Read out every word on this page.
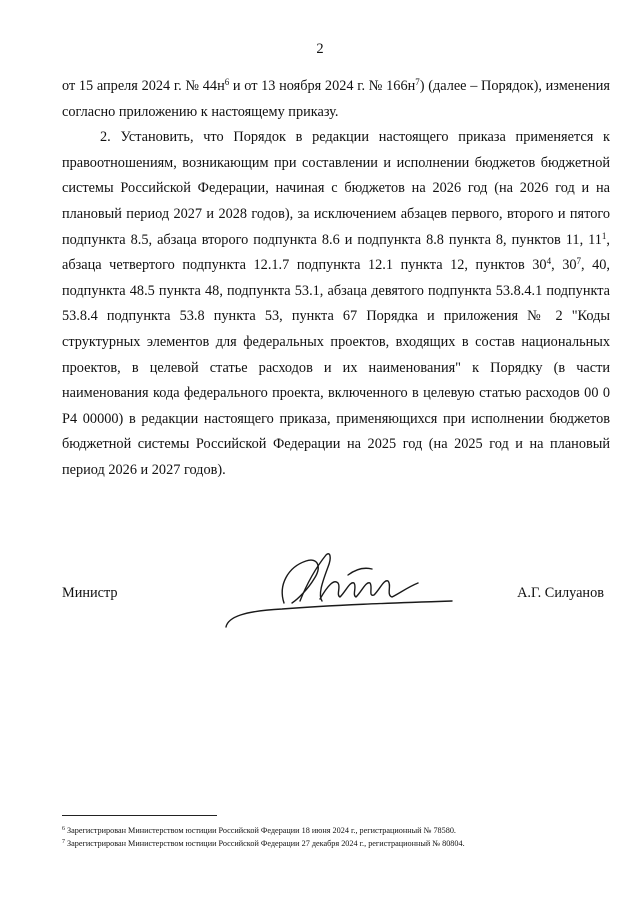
2

от 15 апреля 2024 г. № $44н^6$ и от 13 ноября 2024 г. № $166н^7$) (далее – Порядок), изменения согласно приложению к настоящему приказу.

2. Установить, что Порядок в редакции настоящего приказа применяется к правоотношениям, возникающим при составлении и исполнении бюджетов бюджетной системы Российской Федерации, начиная с бюджетов на 2026 год (на 2026 год и на плановый период 2027 и 2028 годов), за исключением абзацев первого, второго и пятого подпункта 8.5, абзаца второго подпункта 8.6 и подпункта 8.8 пункта 8, пунктов 11, $11^1$, абзаца четвертого подпункта 12.1.7 подпункта 12.1 пункта 12, пунктов $30^4$, $30^7$, 40, подпункта 48.5 пункта 48, подпункта 53.1, абзаца девятого подпункта 53.8.4.1 подпункта 53.8.4 подпункта 53.8 пункта 53, пункта 67 Порядка и приложения № 2 "Коды структурных элементов для федеральных проектов, входящих в состав национальных проектов, в целевой статье расходов и их наименования" к Порядку (в части наименования кода федерального проекта, включенного в целевую статью расходов 00 0 Р4 00000) в редакции настоящего приказа, применяющихся при исполнении бюджетов бюджетной системы Российской Федерации на 2025 год (на 2025 год и на плановый период 2026 и 2027 годов).

Министр	А.Г. Силуанов

$^6$ Зарегистрирован Министерством юстиции Российской Федерации 18 июня 2024 г., регистрационный № 78580.

$^7$ Зарегистрирован Министерством юстиции Российской Федерации 27 декабря 2024 г., регистрационный № 80804.
